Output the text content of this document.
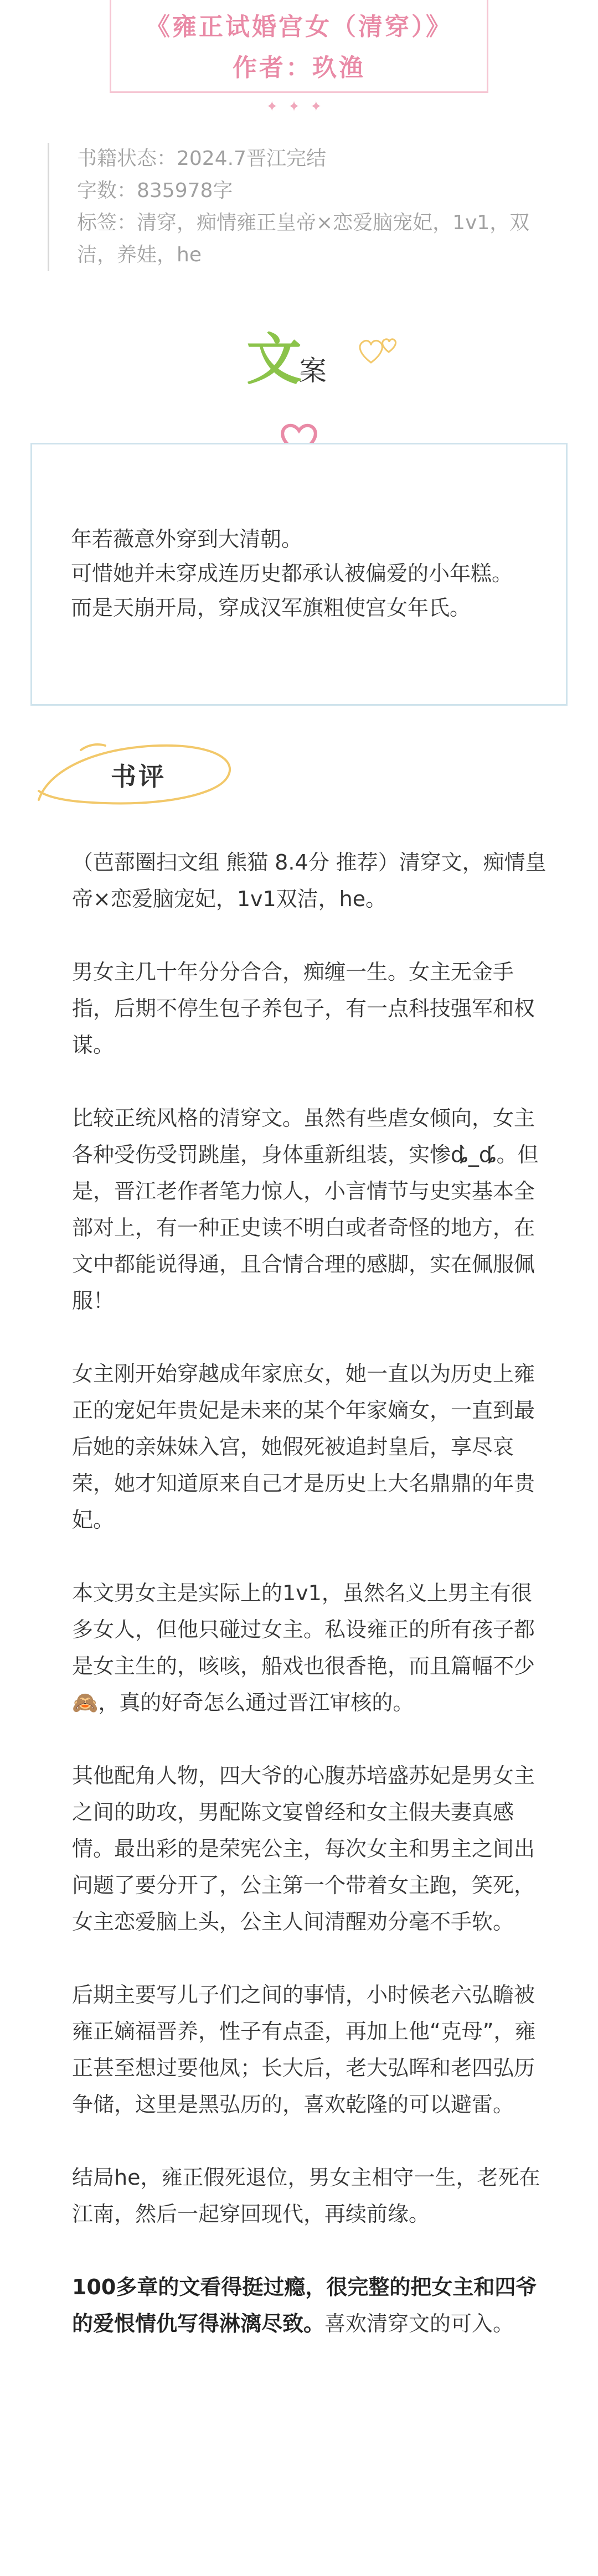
《雍正试婚宫女（清穿）》
作者：玖渔
✦✦✦
书籍状态：2024.7晋江完结
字数：835978字
标签：清穿，痴情雍正皇帝×恋爱脑宠妃，1v1，双洁，养娃，he
文
案
年若薇意外穿到大清朝。
可惜她并未穿成连历史都承认被偏爱的小年糕。
而是天崩开局，穿成汉军旗粗使宫女年氏。
书评

（芭蔀圈扫文组 熊猫 8.4分 推荐）清穿文，痴情皇帝×恋爱脑宠妃，1v1双洁，he。

男女主几十年分分合合，痴缠一生。女主无金手指，后期不停生包子养包子，有一点科技强军和权谋。

比较正统风格的清穿文。虽然有些虐女倾向，女主各种受伤受罚跳崖，身体重新组装，实惨ȡ̀_ȡ́。但是，晋江老作者笔力惊人，小言情节与史实基本全部对上，有一种正史读不明白或者奇怪的地方，在文中都能说得通，且合情合理的感脚，实在佩服佩服！

女主刚开始穿越成年家庶女，她一直以为历史上雍正的宠妃年贵妃是未来的某个年家嫡女，一直到最后她的亲妹妹入宫，她假死被追封皇后，享尽哀荣，她才知道原来自己才是历史上大名鼎鼎的年贵妃。

本文男女主是实际上的1v1，虽然名义上男主有很多女人，但他只碰过女主。私设雍正的所有孩子都是女主生的，咳咳，船戏也很香艳，而且篇幅不少🙈，真的好奇怎么通过晋江审核的。

其他配角人物，四大爷的心腹苏培盛苏妃是男女主之间的助攻，男配陈文宴曾经和女主假夫妻真感情。最出彩的是荣宪公主，每次女主和男主之间出问题了要分开了，公主第一个带着女主跑，笑死，女主恋爱脑上头，公主人间清醒劝分毫不手软。

后期主要写儿子们之间的事情，小时候老六弘瞻被雍正嫡福晋养，性子有点歪，再加上他“克母”，雍正甚至想过要他凤；长大后，老大弘晖和老四弘历争储，这里是黑弘历的，喜欢乾隆的可以避雷。

结局he，雍正假死退位，男女主相守一生，老死在江南，然后一起穿回现代，再续前缘。

100多章的文看得挺过瘾，很完整的把女主和四爷的爱恨情仇写得淋漓尽致。喜欢清穿文的可入。
